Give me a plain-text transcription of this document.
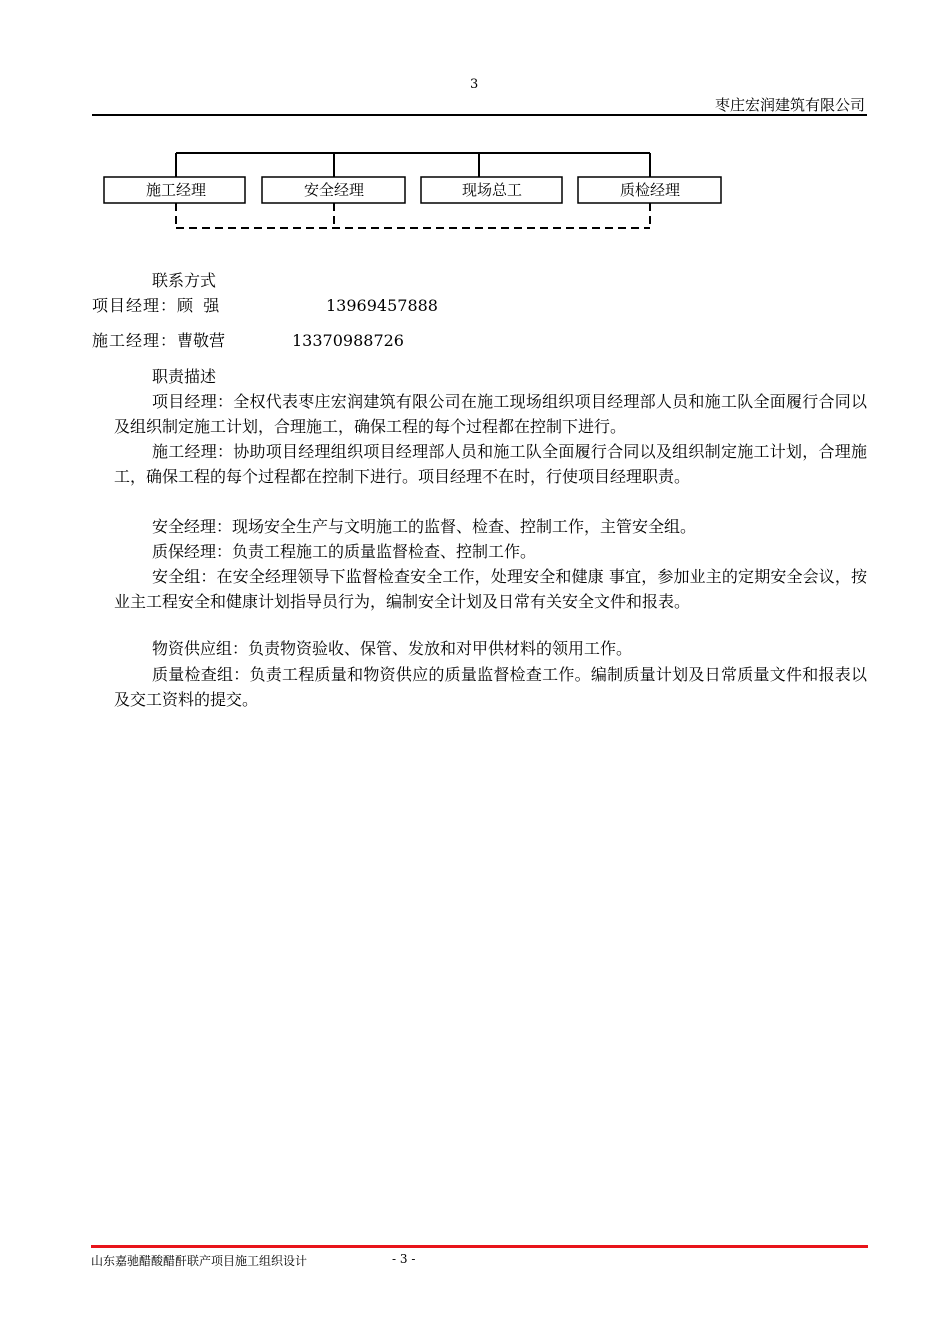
3
枣庄宏润建筑有限公司
施工经理	安全经理	现场总工	质检经理
联系方式
项目经理：顾  强	13969457888
施工经理：曹敬营	13370988726
职责描述
项目经理：全权代表枣庄宏润建筑有限公司在施工现场组织项目经理部人员和施工队全面履行合同以及组织制定施工计划，合理施工，确保工程的每个过程都在控制下进行。
施工经理：协助项目经理组织项目经理部人员和施工队全面履行合同以及组织制定施工计划，合理施工，确保工程的每个过程都在控制下进行。项目经理不在时，行使项目经理职责。
安全经理：现场安全生产与文明施工的监督、检查、控制工作，主管安全组。
质保经理：负责工程施工的质量监督检查、控制工作。
安全组：在安全经理领导下监督检查安全工作，处理安全和健康 事宜，参加业主的定期安全会议，按业主工程安全和健康计划指导员行为，编制安全计划及日常有关安全文件和报表。
物资供应组：负责物资验收、保管、发放和对甲供材料的领用工作。
质量检查组：负责工程质量和物资供应的质量监督检查工作。编制质量计划及日常质量文件和报表以及交工资料的提交。
山东嘉驰醋酸醋酐联产项目施工组织设计	- 3 -
